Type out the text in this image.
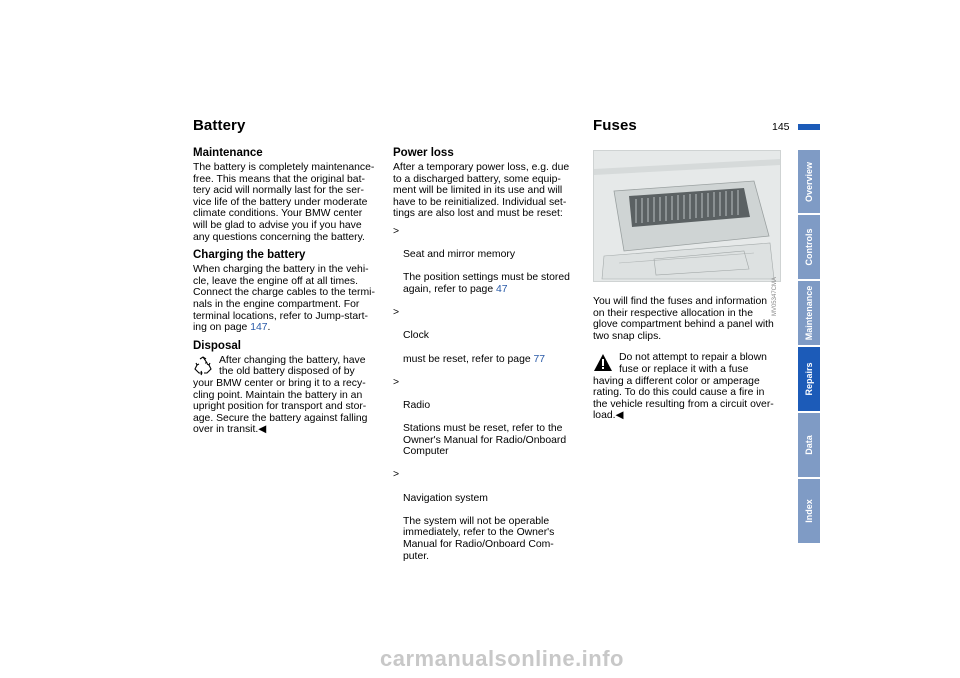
Battery	Fuses	145
Maintenance
The battery is completely maintenance-
free. This means that the original bat-
tery acid will normally last for the ser-
vice life of the battery under moderate
climate conditions. Your BMW center
will be glad to advise you if you have
any questions concerning the battery.
Charging the battery
When charging the battery in the vehi-
cle, leave the engine off at all times.
Connect the charge cables to the termi-
nals in the engine compartment. For
terminal locations, refer to Jump-start-
ing on page 147.
Disposal
After changing the battery, have
the old battery disposed of by
your BMW center or bring it to a recy-
cling point. Maintain the battery in an
upright position for transport and stor-
age. Secure the battery against falling
over in transit.◀
Power loss
After a temporary power loss, e.g. due
to a discharged battery, some equip-
ment will be limited in its use and will
have to be reinitialized. Individual set-
tings are also lost and must be reset:

>

Seat and mirror memory

The position settings must be stored
again, refer to page 47

>

Clock

must be reset, refer to page 77

>

Radio

Stations must be reset, refer to the
Owner's Manual for Radio/Onboard
Computer

>

Navigation system

The system will not be operable
immediately, refer to the Owner's
Manual for Radio/Onboard Com-
puter.

MV05347CMA
You will find the fuses and information
on their respective allocation in the
glove compartment behind a panel with
two snap clips.
Do not attempt to repair a blown
fuse or replace it with a fuse
having a different color or amperage
rating. To do this could cause a fire in
the vehicle resulting from a circuit over-
load.◀
Overview
Controls
Maintenance
Repairs
Data
Index
carmanualsonline.info
